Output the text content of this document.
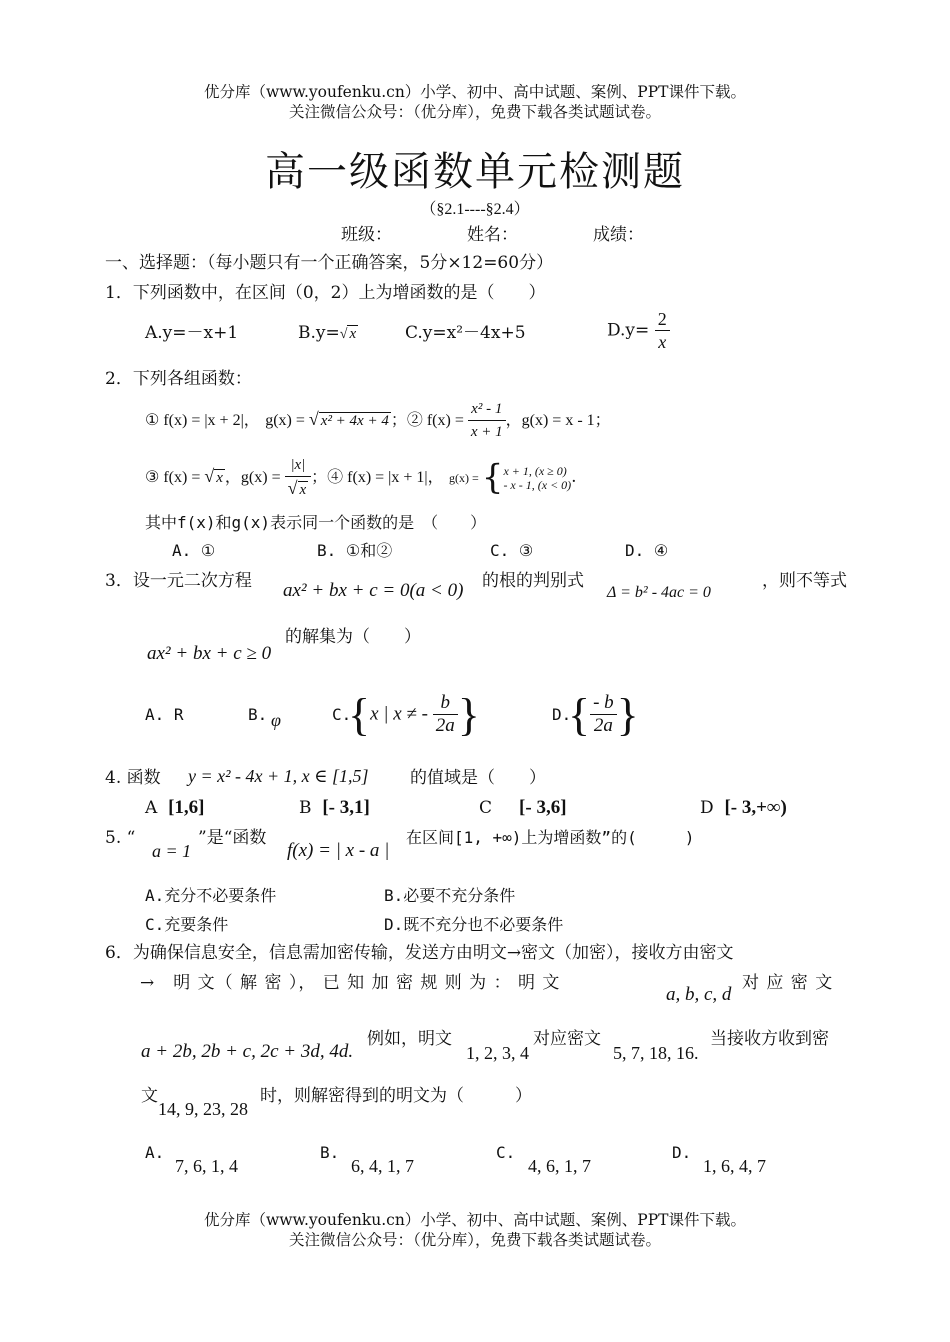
优分库（www.youfenku.cn）小学、初中、高中试题、案例、PPT课件下载。
关注微信公众号：（优分库），免费下载各类试题试卷。
高一级函数单元检测题
（§2.1----§2.4）
班级：	姓名：	成绩：
一、选择题：（每小题只有一个正确答案，5分×12=60分）
1．下列函数中，在区间（0，2）上为增函数的是（　　）
A.y=－x+1	B.y=√ x	C.y=x²－4x+5	$D.y= \frac{2}{x}$
2．下列各组函数：
① f(x) = |x + 2|， g(x) = √ x² + 4x + 4 ；② $f(x) = \frac{\text{x² - 1}}{x + 1}$ ，g(x) = x - 1；
③ f(x) = √ x ，$g(x) = \frac{|x|}{√ x}$ ；④ f(x) = |x + 1|， g(x) = { x + 1, (x ≥ 0)
- x - 1, (x < 0) .
其中f(x)和g(x)表示同一个函数的是　（　　）
A. ①	B. ①和②	C. ③	D. ④
3．设一元二次方程 ax² + bx + c = 0(a < 0) 的根的判别式
Δ = b² - 4ac = 0
，则不等式
的解集为（　　）
ax² + bx + c ≥ 0
A. R	B. φ	C.
{x | x ≠ - $\frac{b}{2a}$ }	D.
{ $\frac{- b}{2a}$ }
4. 函数 y = x² - 4x + 1, x ∈ [1,5] 的值域是（　　）
A [1,6]	B [- 3,1]	C [- 3,6]	D [- 3,+∞)
5. “
a = 1
”是“函数
f(x) = | x - a |
在区间[1, +∞)上为增函数”的(　　　)
A.充分不必要条件	B.必要不充分条件
C.充要条件	D.既不充分也不必要条件
6．为确保信息安全，信息需加密传输，发送方由明文→密文（加密），接收方由密文
→　明 文（ 解 密 ）， 已 知 加 密 规 则 为 ： 明 文
a, b, c, d
对 应 密 文
a + 2b, 2b + c, 2c + 3d, 4d.
例如，明文
1, 2, 3, 4
对应密文
5, 7, 18, 16.
当接收方收到密
文
14, 9, 23, 28
时，则解密得到的明文为（　　　）
A.
7, 6, 1, 4
B.
6, 4, 1, 7
C.
4, 6, 1, 7
D.
1, 6, 4, 7
优分库（www.youfenku.cn）小学、初中、高中试题、案例、PPT课件下载。
关注微信公众号：（优分库），免费下载各类试题试卷。
